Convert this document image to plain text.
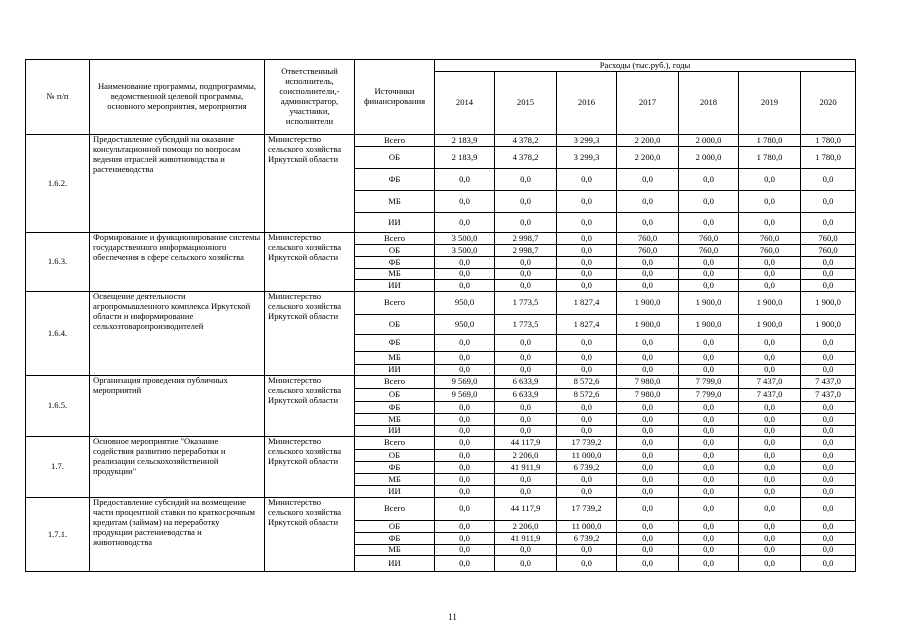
№ п/п	Наименование программы, подпрограммы, ведомственной целевой программы, основного мероприятия, мероприятия	Ответственный исполнитель, соисполнители,- администратор, участники, исполнители	Источники финансирования	Расходы (тыс.руб.), годы						
				2014	2015	2016	2017	2018	2019	2020
1.6.2.	Предоставление субсидий на оказание консультационной помощи по вопросам ведения отраслей животноводства и растениеводства	Министерство сельского хозяйства Иркутской области	Всего	2 183,9	4 378,2	3 299,3	2 200,0	2 000,0	1 780,0	1 780,0
			ОБ	2 183,9	4 378,2	3 299,3	2 200,0	2 000,0	1 780,0	1 780,0
			ФБ	0,0	0,0	0,0	0,0	0,0	0,0	0,0
			МБ	0,0	0,0	0,0	0,0	0,0	0,0	0,0
			ИИ	0,0	0,0	0,0	0,0	0,0	0,0	0,0
1.6.3.	Формирование и функционирование системы государственного информационного обеспечения в сфере сельского хозяйства	Министерство сельского хозяйства Иркутской области	Всего	3 500,0	2 998,7	0,0	760,0	760,0	760,0	760,0
			ОБ	3 500,0	2 998,7	0,0	760,0	760,0	760,0	760,0
			ФБ	0,0	0,0	0,0	0,0	0,0	0,0	0,0
			МБ	0,0	0,0	0,0	0,0	0,0	0,0	0,0
			ИИ	0,0	0,0	0,0	0,0	0,0	0,0	0,0
1.6.4.	Освещение деятельности агропромышленного комплекса Иркутской области и информирование сельхозтоваропроизводителей	Министерство сельского хозяйства Иркутской области	Всего	950,0	1 773,5	1 827,4	1 900,0	1 900,0	1 900,0	1 900,0
			ОБ	950,0	1 773,5	1 827,4	1 900,0	1 900,0	1 900,0	1 900,0
			ФБ	0,0	0,0	0,0	0,0	0,0	0,0	0,0
			МБ	0,0	0,0	0,0	0,0	0,0	0,0	0,0
			ИИ	0,0	0,0	0,0	0,0	0,0	0,0	0,0
1.6.5.	Организация проведения публичных мероприятий	Министерство сельского хозяйства Иркутской области	Всего	9 569,0	6 633,9	8 572,6	7 980,0	7 799,0	7 437,0	7 437,0
			ОБ	9 569,0	6 633,9	8 572,6	7 980,0	7 799,0	7 437,0	7 437,0
			ФБ	0,0	0,0	0,0	0,0	0,0	0,0	0,0
			МБ	0,0	0,0	0,0	0,0	0,0	0,0	0,0
			ИИ	0,0	0,0	0,0	0,0	0,0	0,0	0,0
1.7.	Основное мероприятие "Оказание содействия развитию переработки и реализации сельскохозяйственной продукции"	Министерство сельского хозяйства Иркутской области	Всего	0,0	44 117,9	17 739,2	0,0	0,0	0,0	0,0
			ОБ	0,0	2 206,0	11 000,0	0,0	0,0	0,0	0,0
			ФБ	0,0	41 911,9	6 739,2	0,0	0,0	0,0	0,0
			МБ	0,0	0,0	0,0	0,0	0,0	0,0	0,0
			ИИ	0,0	0,0	0,0	0,0	0,0	0,0	0,0
1.7.1.	Предоставление субсидий на возмещение части процентной ставки по краткосрочным кредитам (займам) на переработку продукции растениеводства и животноводства	Министерство сельского хозяйства Иркутской области	Всего	0,0	44 117,9	17 739,2	0,0	0,0	0,0	0,0
			ОБ	0,0	2 206,0	11 000,0	0,0	0,0	0,0	0,0
			ФБ	0,0	41 911,9	6 739,2	0,0	0,0	0,0	0,0
			МБ	0,0	0,0	0,0	0,0	0,0	0,0	0,0
			ИИ	0,0	0,0	0,0	0,0	0,0	0,0	0,0
11
